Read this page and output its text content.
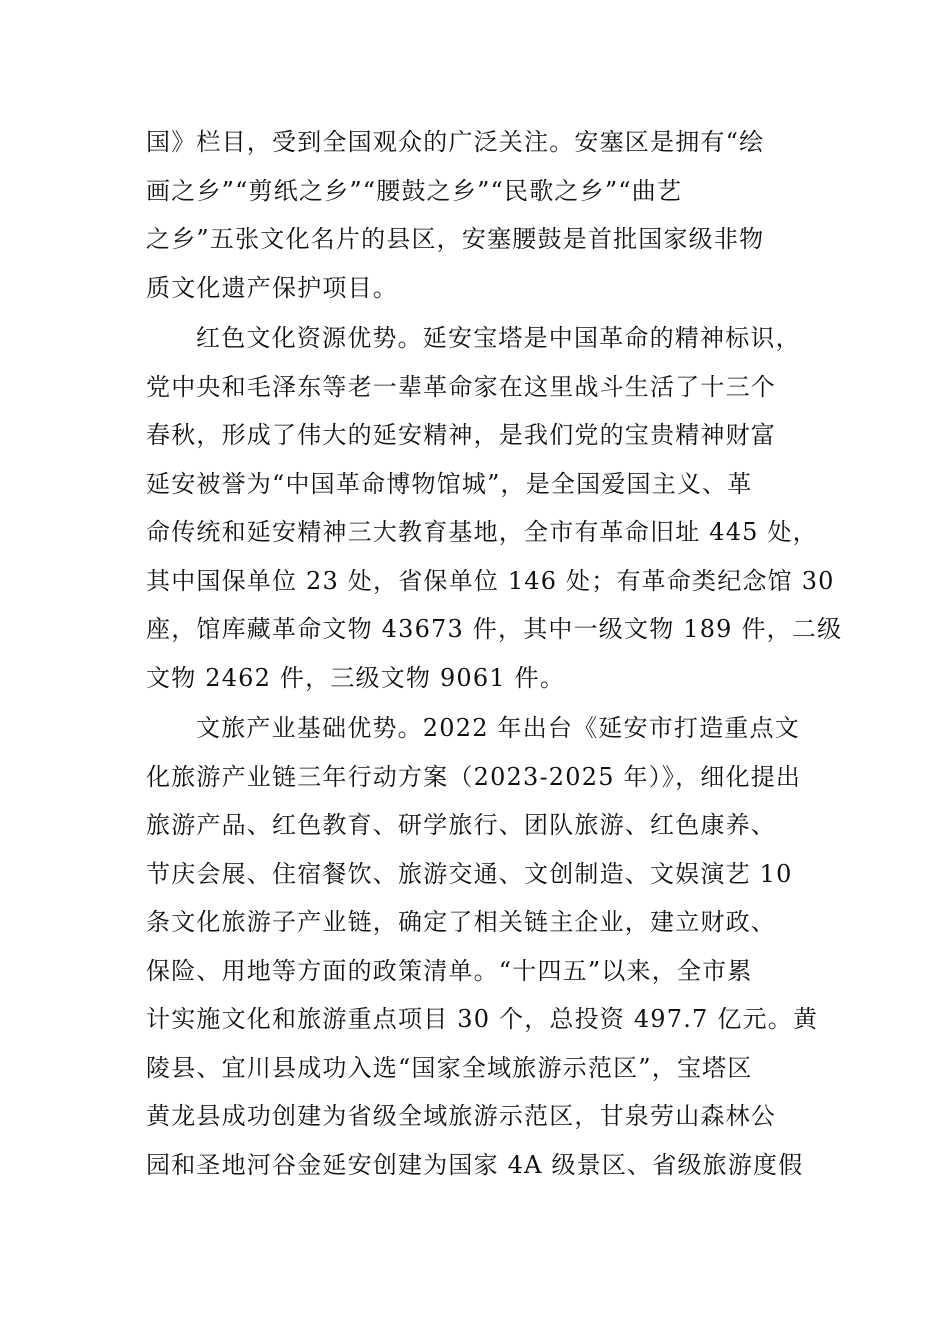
国》栏目，受到全国观众的广泛关注。安塞区是拥有“绘
画之乡”“剪纸之乡”“腰鼓之乡”“民歌之乡”“曲艺
之乡”五张文化名片的县区，安塞腰鼓是首批国家级非物
质文化遗产保护项目。
红色文化资源优势。延安宝塔是中国革命的精神标识，
党中央和毛泽东等老一辈革命家在这里战斗生活了十三个
春秋，形成了伟大的延安精神，是我们党的宝贵精神财富
延安被誉为“中国革命博物馆城”，是全国爱国主义、革
命传统和延安精神三大教育基地，全市有革命旧址 445 处，
其中国保单位 23 处，省保单位 146 处；有革命类纪念馆 30
座，馆库藏革命文物 43673 件，其中一级文物 189 件，二级
文物 2462 件，三级文物 9061 件。
文旅产业基础优势。2022 年出台《延安市打造重点文
化旅游产业链三年行动方案（2023-2025 年）》，细化提出
旅游产品、红色教育、研学旅行、团队旅游、红色康养、
节庆会展、住宿餐饮、旅游交通、文创制造、文娱演艺 10
条文化旅游子产业链，确定了相关链主企业，建立财政、
保险、用地等方面的政策清单。“十四五”以来，全市累
计实施文化和旅游重点项目 30 个，总投资 497.7 亿元。黄
陵县、宜川县成功入选“国家全域旅游示范区”，宝塔区
黄龙县成功创建为省级全域旅游示范区，甘泉劳山森林公
园和圣地河谷金延安创建为国家 4A 级景区、省级旅游度假
